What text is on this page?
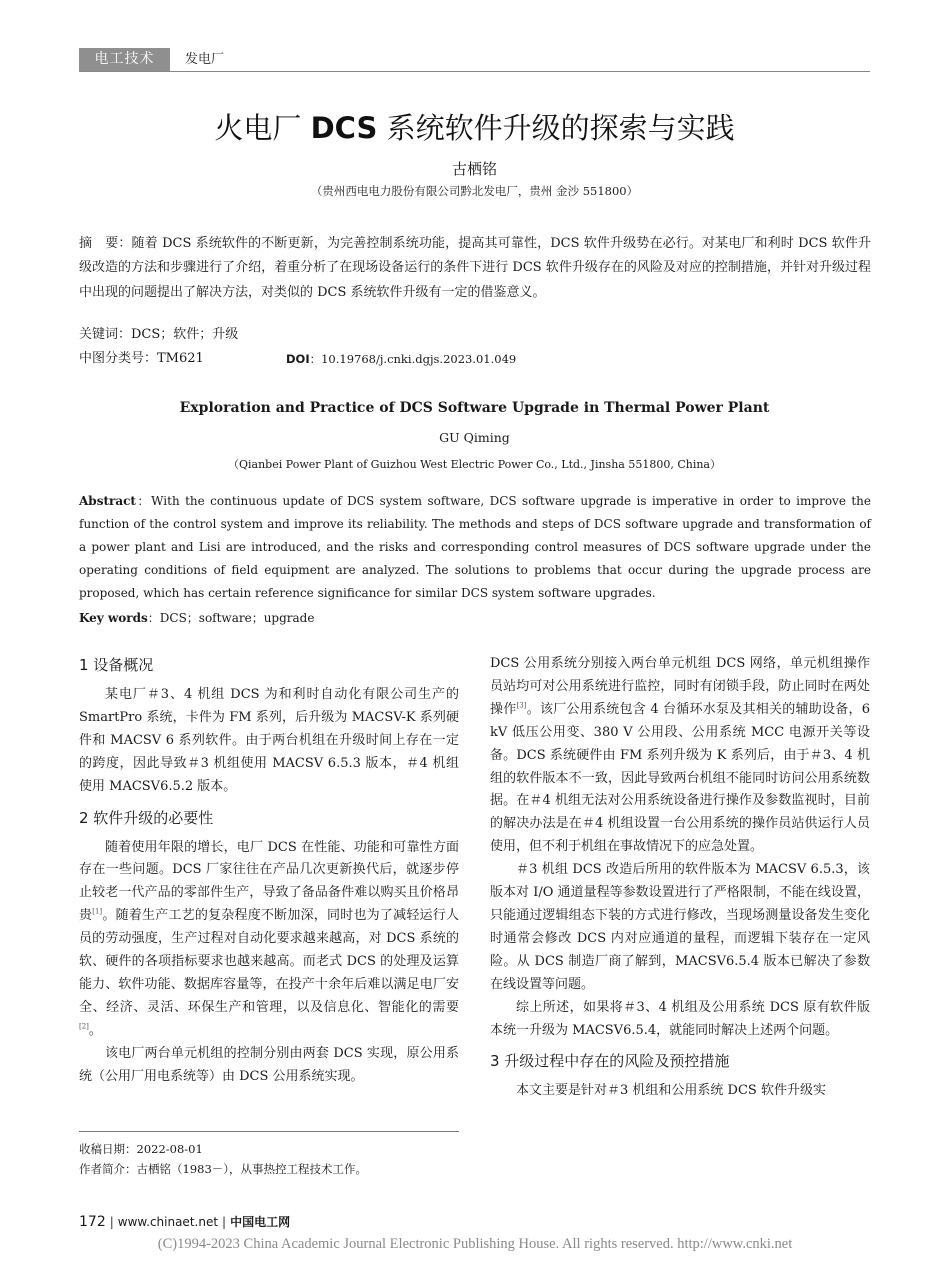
电工技术	发电厂
火电厂 DCS 系统软件升级的探索与实践
古栖铭
（贵州西电电力股份有限公司黔北发电厂，贵州 金沙 551800）
摘　要：随着 DCS 系统软件的不断更新，为完善控制系统功能，提高其可靠性，DCS 软件升级势在必行。对某电厂和利时 DCS 软件升级改造的方法和步骤进行了介绍，着重分析了在现场设备运行的条件下进行 DCS 软件升级存在的风险及对应的控制措施，并针对升级过程中出现的问题提出了解决方法，对类似的 DCS 系统软件升级有一定的借鉴意义。
关键词：DCS；软件；升级
中图分类号：TM621	DOI：10.19768/j.cnki.dgjs.2023.01.049
Exploration and Practice of DCS Software Upgrade in Thermal Power Plant
GU Qiming
（Qianbei Power Plant of Guizhou West Electric Power Co., Ltd., Jinsha 551800, China）
Abstract：With the continuous update of DCS system software, DCS software upgrade is imperative in order to improve the function of the control system and improve its reliability. The methods and steps of DCS software upgrade and transformation of a power plant and Lisi are introduced, and the risks and corresponding control measures of DCS software upgrade under the operating conditions of field equipment are analyzed. The solutions to problems that occur during the upgrade process are proposed, which has certain reference significance for similar DCS system software upgrades.
Key words：DCS；software；upgrade
1 设备概况

某电厂＃3、4 机组 DCS 为和利时自动化有限公司生产的 SmartPro 系统，卡件为 FM 系列，后升级为 MACSV-K 系列硬件和 MACSV 6 系列软件。由于两台机组在升级时间上存在一定的跨度，因此导致＃3 机组使用 MACSV 6.5.3 版本，＃4 机组使用 MACSV6.5.2 版本。

2 软件升级的必要性

随着使用年限的增长，电厂 DCS 在性能、功能和可靠性方面存在一些问题。DCS 厂家往往在产品几次更新换代后，就逐步停止较老一代产品的零部件生产，导致了备品备件难以购买且价格昂贵[1]。随着生产工艺的复杂程度不断加深，同时也为了减轻运行人员的劳动强度，生产过程对自动化要求越来越高，对 DCS 系统的软、硬件的各项指标要求也越来越高。而老式 DCS 的处理及运算能力、软件功能、数据库容量等，在投产十余年后难以满足电厂安全、经济、灵活、环保生产和管理，以及信息化、智能化的需要[2]。

该电厂两台单元机组的控制分别由两套 DCS 实现，原公用系统（公用厂用电系统等）由 DCS 公用系统实现。

DCS 公用系统分别接入两台单元机组 DCS 网络，单元机组操作员站均可对公用系统进行监控，同时有闭锁手段，防止同时在两处操作[3]。该厂公用系统包含 4 台循环水泵及其相关的辅助设备，6 kV 低压公用变、380 V 公用段、公用系统 MCC 电源开关等设备。DCS 系统硬件由 FM 系列升级为 K 系列后，由于＃3、4 机组的软件版本不一致，因此导致两台机组不能同时访问公用系统数据。在＃4 机组无法对公用系统设备进行操作及参数监视时，目前的解决办法是在＃4 机组设置一台公用系统的操作员站供运行人员使用，但不利于机组在事故情况下的应急处置。

＃3 机组 DCS 改造后所用的软件版本为 MACSV 6.5.3，该版本对 I/O 通道量程等参数设置进行了严格限制，不能在线设置，只能通过逻辑组态下装的方式进行修改，当现场测量设备发生变化时通常会修改 DCS 内对应通道的量程，而逻辑下装存在一定风险。从 DCS 制造厂商了解到，MACSV6.5.4 版本已解决了参数在线设置等问题。

综上所述，如果将＃3、4 机组及公用系统 DCS 原有软件版本统一升级为 MACSV6.5.4，就能同时解决上述两个问题。

3 升级过程中存在的风险及预控措施

本文主要是针对＃3 机组和公用系统 DCS 软件升级实

收稿日期：2022-08-01
作者简介：古栖铭（1983－），从事热控工程技术工作。
172 | www.chinaet.net | 中国电工网
(C)1994-2023 China Academic Journal Electronic Publishing House. All rights reserved. http://www.cnki.net
